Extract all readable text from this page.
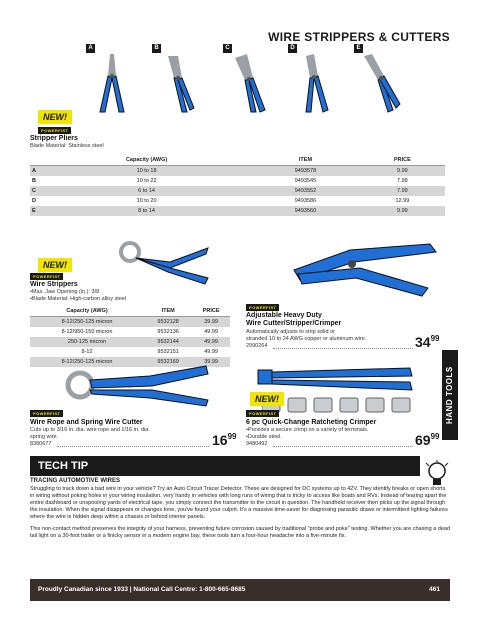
WIRE STRIPPERS & CUTTERS
A	B	C	D	E
NEW!
POWERFIST
Stripper Pliers
Blade Material: Stainless steel
	Capacity (AWG)	ITEM	PRICE
A	10 to 18	9493578	9.99
B	10 to 22	9493545	7.99
C	6 to 14	9493552	7.99
D	10 to 20	9493586	12.99
E	8 to 14	9493560	9.99
NEW!
POWERFIST
Wire Strippers
•Max. Jaw Opening (in.): 3/8
•Blade Material: High-carbon alloy steel
Capacity (AWG)	ITEM	PRICE
8-12/250-125 micron	9532128	39.99
8-12/950-150 micron	9532136	49.99
250-125 micron	9532144	49.99
8-12	9532151	49.99
8-12/250-125 micron	9532169	39.99
POWERFIST
Adjustable Heavy Duty
Wire Cutter/Stripper/Crimper
Automatically adjusts to strip solid or
stranded 10 to 24 AWG copper or aluminum wire.
2990264	$34^{99}$
POWERFIST
Wire Rope and Spring Wire Cutter
Cuts up to 3/16 in. dia. wire rope and 1/16 in. dia.
spring wire.
8380677	$16^{99}$
NEW!
POWERFIST
6 pc Quick-Change Ratcheting Crimper
•Provides a secure crimp on a variety of terminals.
•Durable steel.
9480492	$69^{99}$
HAND TOOLS
TECH TIP
TRACING AUTOMOTIVE WIRES

Struggling to track down a bad wire in your vehicle? Try an Auto Circuit Tracer Detector. These are designed for DC systems up to 42V. They identify breaks or open shorts in wiring without poking holes in your wiring insulation, very handy in vehicles with long runs of wiring that is tricky to access like boats and RVs. Instead of tearing apart the entire dashboard or unspooling yards of electrical tape, you simply connect the transmitter to the circuit in question. The handheld receiver then picks up the signal through the insulation. When the signal disappears or changes tone, you've found your culprit. It's a massive time-saver for diagnosing parasitic draws or intermittent lighting failures where the wire is hidden deep within a chassis or behind interior panels.

This non-contact method preserves the integrity of your harness, preventing future corrosion caused by traditional "probe and poke" testing. Whether you are chasing a dead tail light on a 30-foot trailer or a finicky sensor in a modern engine bay, these tools turn a four-hour headache into a five-minute fix.

Proudly Canadian since 1933 | National Call Centre: 1-800-665-8685	461
